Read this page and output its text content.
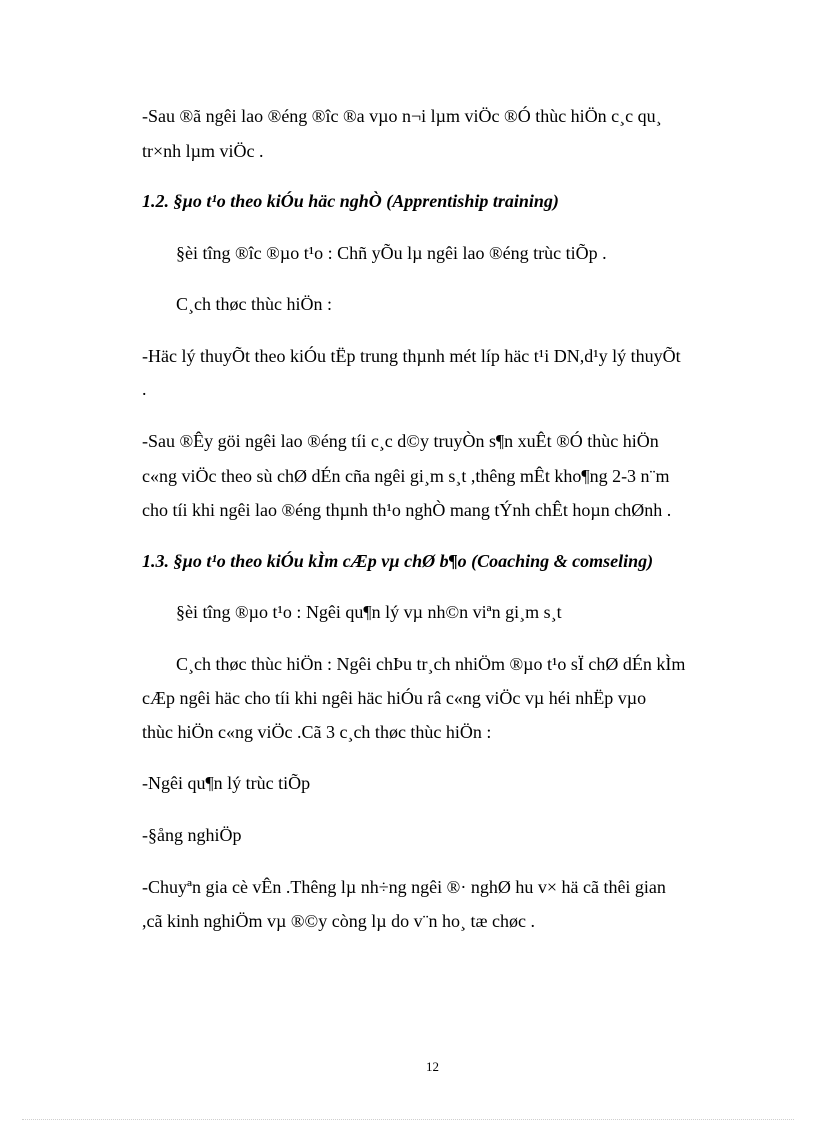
-Sau ®ã ngêi lao ®éng ®îc ®a vµo n¬i lµm viÖc ®Ó thùc hiÖn c¸c qu¸
tr×nh lµm viÖc .
1.2. §µo t¹o theo kiÓu häc nghÒ (Apprentiship training)
§èi tîng ®îc ®µo t¹o : Chñ yÕu lµ ngêi lao ®éng trùc tiÕp .
C¸ch thøc thùc hiÖn :
-Häc lý thuyÕt theo kiÓu tËp trung thµnh mét líp häc t¹i DN,d¹y lý thuyÕt
.
-Sau ®Êy göi ngêi lao ®éng tíi c¸c d©y truyÒn s¶n xuÊt ®Ó thùc hiÖn
c«ng viÖc theo sù chØ dÉn cña ngêi gi¸m s¸t ,thêng mÊt kho¶ng 2-3 n¨m
cho tíi khi ngêi lao ®éng thµnh th¹o nghÒ mang tÝnh chÊt hoµn chØnh .
1.3. §µo t¹o theo kiÓu kÌm cÆp vµ chØ b¶o (Coaching & comseling)
§èi tîng ®µo t¹o : Ngêi qu¶n lý vµ nh©n viªn gi¸m s¸t
C¸ch thøc thùc hiÖn : Ngêi chÞu tr¸ch nhiÖm ®µo t¹o sÏ chØ dÉn kÌm
cÆp ngêi häc cho tíi khi ngêi häc hiÓu râ c«ng viÖc vµ héi nhËp vµo
thùc hiÖn c«ng viÖc .Cã 3 c¸ch thøc thùc hiÖn :
-Ngêi qu¶n lý trùc tiÕp
-§ång nghiÖp
-Chuyªn gia cè vÊn .Thêng lµ nh÷ng ngêi ®· nghØ hu v× hä cã thêi gian
,cã kinh nghiÖm vµ ®©y còng lµ do v¨n ho¸ tæ chøc .
12
